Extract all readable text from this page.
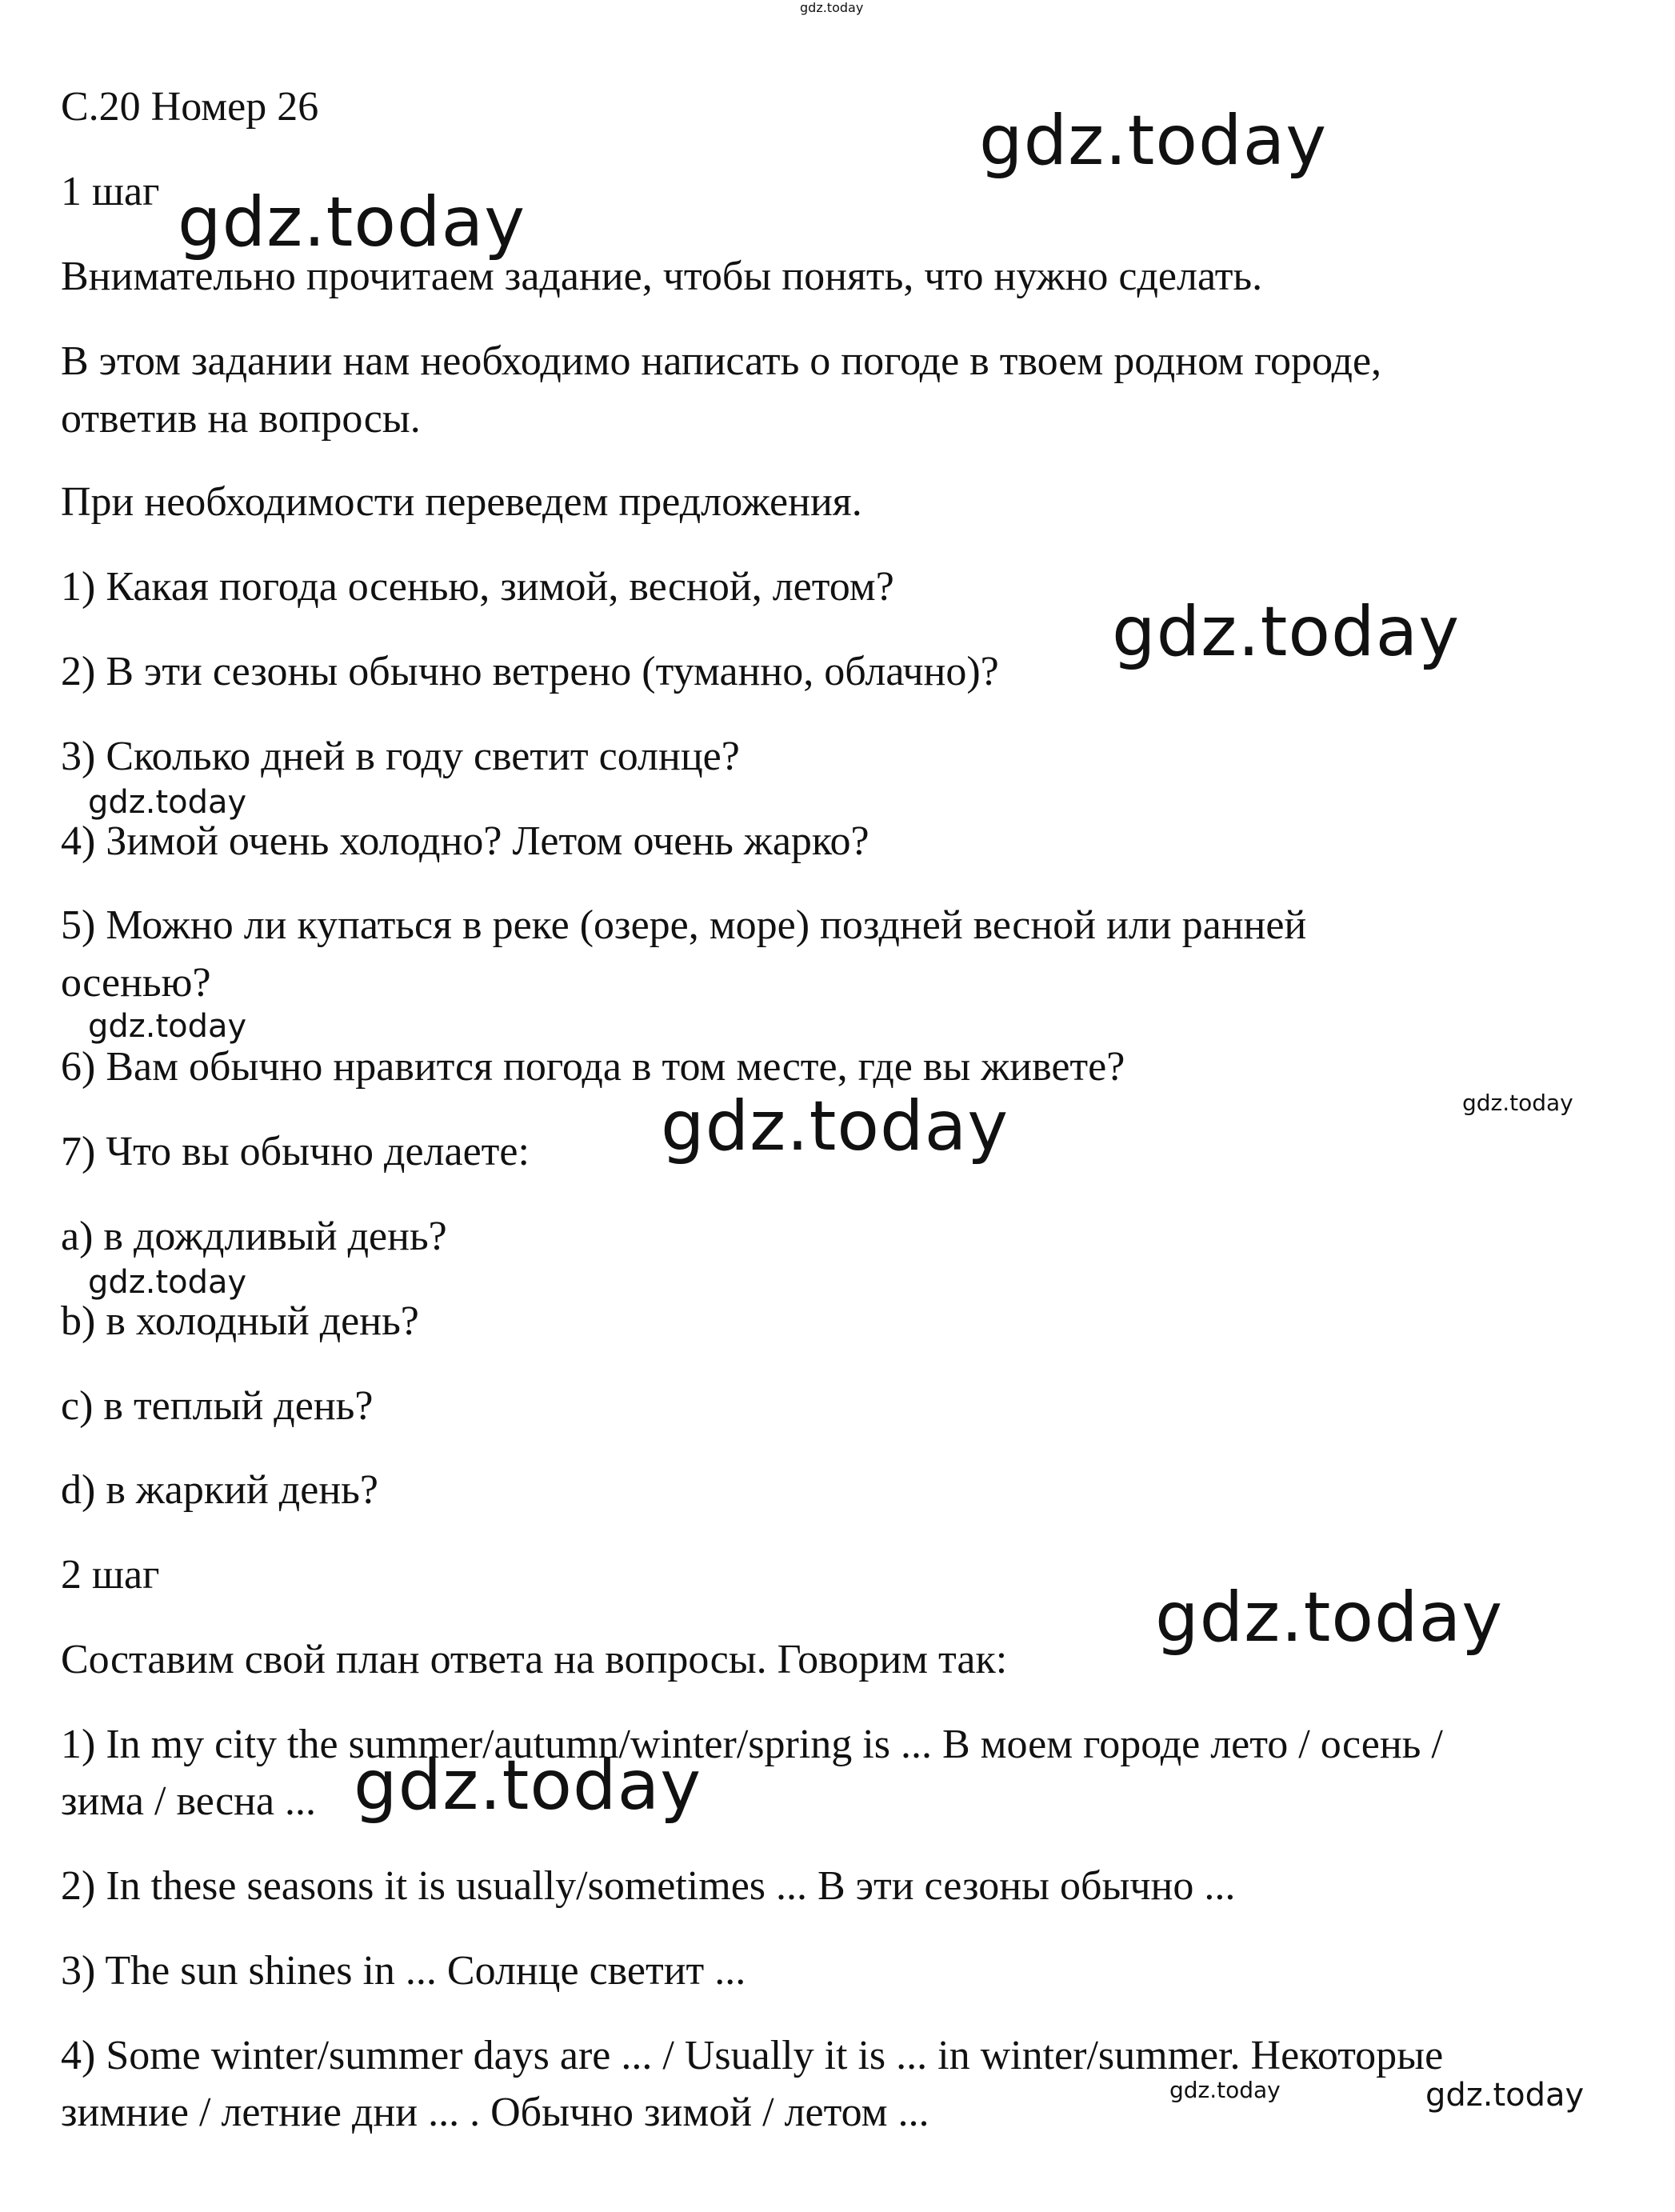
С.20 Номер 26
1 шаг
Внимательно прочитаем задание, чтобы понять, что нужно сделать.
В этом задании нам необходимо написать о погоде в твоем родном городе,
ответив на вопросы.
При необходимости переведем предложения.
1) Какая погода осенью, зимой, весной, летом?
2) В эти сезоны обычно ветрено (туманно, облачно)?
3) Сколько дней в году светит солнце?
4) Зимой очень холодно? Летом очень жарко?
5) Можно ли купаться в реке (озере, море) поздней весной или ранней
осенью?
6) Вам обычно нравится погода в том месте, где вы живете?
7) Что вы обычно делаете:
a) в дождливый день?
b) в холодный день?
c) в теплый день?
d) в жаркий день?
2 шаг
Составим свой план ответа на вопросы. Говорим так:
1) In my city the summer/autumn/winter/spring is ... В моем городе лето / осень /
зима / весна ...
2) In these seasons it is usually/sometimes ... В эти сезоны обычно ...
3) The sun shines in ... Солнце светит ...
4) Some winter/summer days are ... / Usually it is ... in winter/summer. Некоторые
зимние / летние дни ... . Обычно зимой / летом ...
gdz.today
gdz.today
gdz.today
gdz.today
gdz.today
gdz.today
gdz.today
gdz.today
gdz.today
gdz.today
gdz.today
gdz.today	gdz.today
